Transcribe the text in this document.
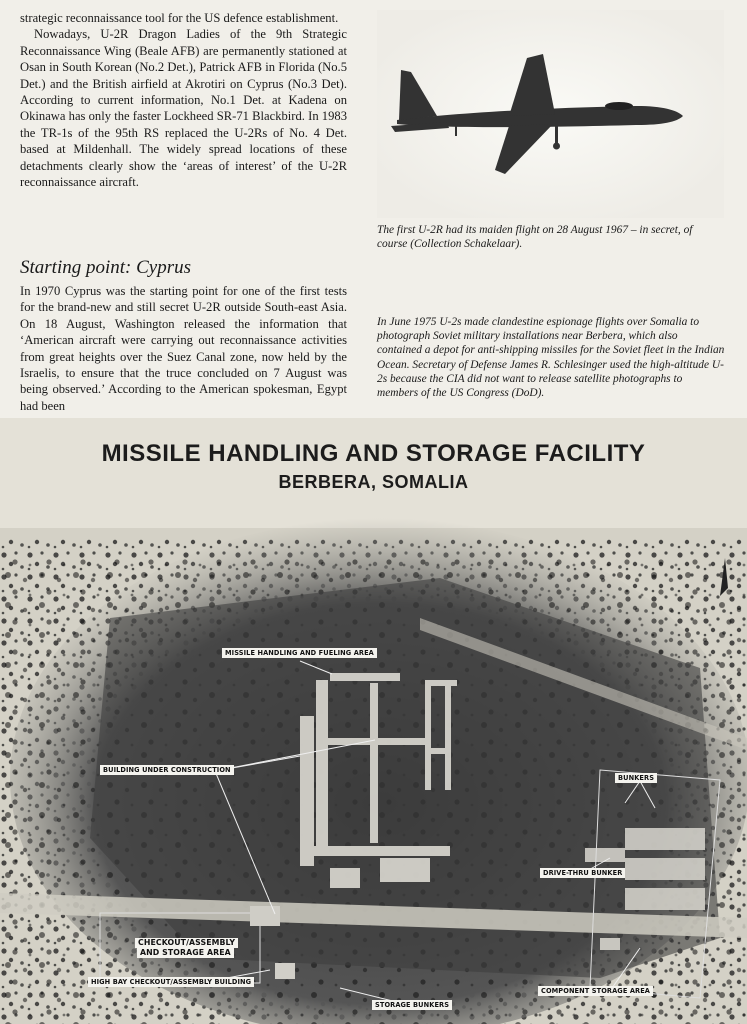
strategic reconnaissance tool for the US defence establishment.

Nowadays, U-2R Dragon Ladies of the 9th Strategic Reconnaissance Wing (Beale AFB) are permanently stationed at Osan in South Korean (No.2 Det.), Patrick AFB in Florida (No.5 Det.) and the British airfield at Akrotiri on Cyprus (No.3 Det). According to current information, No.1 Det. at Kadena on Okinawa has only the faster Lockheed SR-71 Blackbird. In 1983 the TR-1s of the 95th RS replaced the U-2Rs of No. 4 Det. based at Mildenhall. The widely spread locations of these detachments clearly show the ‘areas of interest’ of the U-2R reconnaissance aircraft.

Starting point: Cyprus

In 1970 Cyprus was the starting point for one of the first tests for the brand-new and still secret U-2R outside South-east Asia. On 18 August, Washington released the information that ‘American aircraft were carrying out reconnaissance activities from great heights over the Suez Canal zone, now held by the Israelis, to ensure that the truce concluded on 7 August was being observed.’ According to the American spokesman, Egypt had been

The first U-2R had its maiden flight on 28 August 1967 – in secret, of course (Collection Schakelaar).

In June 1975 U-2s made clandestine espionage flights over Somalia to photograph Soviet military installations near Berbera, which also contained a depot for anti-shipping missiles for the Soviet fleet in the Indian Ocean. Secretary of Defense James R. Schlesinger used the high-altitude U-2s because the CIA did not want to release satellite photographs to members of the US Congress (DoD).

MISSILE HANDLING AND STORAGE FACILITY
BERBERA, SOMALIA
MISSILE HANDLING AND FUELING AREA
BUILDING UNDER CONSTRUCTION
BUNKERS
DRIVE-THRU BUNKER
CHECKOUT/ASSEMBLY
AND STORAGE AREA
HIGH BAY CHECKOUT/ASSEMBLY BUILDING
STORAGE BUNKERS
COMPONENT STORAGE AREA
